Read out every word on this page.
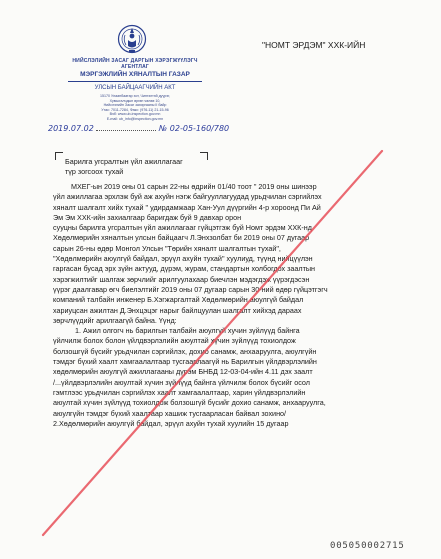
НИЙСЛЭЛИЙН ЗАСАГ ДАРГЫН ХЭРЭГЖҮҮЛЭГЧ АГЕНТЛАГ
МЭРГЭЖЛИЙН ХЯНАЛТЫН ГАЗАР
УЛСЫН БАЙЦААГЧИЙН АКТ
15170 Улаанбаатар хот, Чингэлтэй дүүрэг,
Хувьсгалчдын өргөн чөлөө 10,
Нийслэлийн Засаг захиргааны II байр
Утас: 7011-7284, Факс: (976-11) 21-15-96
Вэб: www.ub-inspection.gov.mn
E-mail: ub_info@inspection.gov.mn
2019.07.02	№ 02-05-160/780
"НОМТ ЭРДЭМ" ХХК-ИЙН
Барилга угсралтын үйл ажиллагааг
түр зогсоох тухай

МХЕГ-ын 2019 оны 01 сарын 22-ны өдрийн 01/40 тоот " 2019 оны шинээр

үйл ажиллагаа эрхлэж буй аж ахуйн нэгж байгууллагуудад урьдчилан сэргийлэх

хяналт шалгалт хийх тухай " удирдамжаар Хан-Уул дүүргийн 4-р хороонд Пи Ай

Эм Эм ХХК-ийн захиалгаар баригдаж буй 9 давхар орон

сууцны барилга угсралтын үйл ажиллагааг гүйцэтгэж буй Номт эрдэм ХХК-нд

Хөдөлмөрийн хяналтын улсын байцаагч Л.Энхзолбат би 2019 оны 07 дугаар

сарын 26-ны өдөр Монгол Улсын "Төрийн хяналт шалгалтын тухай",

"Хөдөлмөрийн аюулгүй байдал, эрүүл ахуйн тухай" хуулиуд, түүнд нийцүүлэн

гаргасан бусад эрх зүйн актууд, дүрэм, журам, стандартын холбогдох заалтын

хэрэгжилтийг шалгаж зөрчлийг арилгуулахаар биечлэн мэдэгдэж үүрэгдэсэн

үүрэг даалгавар өгч биелэлтийг 2019 оны 07 дугаар сарын 30-ний өдөр гүйцэтгэгч

компаний талбайн инженер Б.Хэгжаргалтай Хөдөлмөрийн аюулгүй байдал

хариуцсан ажилтан Д.Энхцэцэг нарыг байлцуулан шалгалт хийхэд дараах

зөрчлүүдийг арилгаагүй байна. Үүнд:

1. Ажил олгогч нь барилгын талбайн аюулгүй хучин зүйлүүд байнга

үйлчилж болох болон үйлдвэрлэлийн аюултай хүчин зүйлүүд тохиолдож

болзошгүй бүсийг урьдчилан сэргийлэх, дохио санамж, анхааруулга, аюулгүйн

тэмдэг бүхий хаалт хамгаалалтаар тусгаарлаагүй нь Барилгын үйлдвэрлэлийн

хөдөлмөрийн аюулгүй ажиллагааны дүрэм БНБД 12-03-04-ийн 4.11 дэх заалт

/...үйлдвэрлэлийн аюултай хүчин зүйлүүд байнга үйлчилж болох бүсийг осол

гэмтлээс урьдчилан сэргийлэх хаалт хамгаалалтаар, харин үйлдвэрлэлийн

аюултай хүчин зүйлүүд тохиолдож болзошгүй бүсийг дохио санамж, анхааруулга,

аюулгүйн тэмдэг бүхий хаалтаар хашиж тусгаарласан байвал зохино/

2.Хөдөлмөрийн аюулгүй байдал, эрүүл ахуйн тухай хуулийн 15 дугаар

005050002715
